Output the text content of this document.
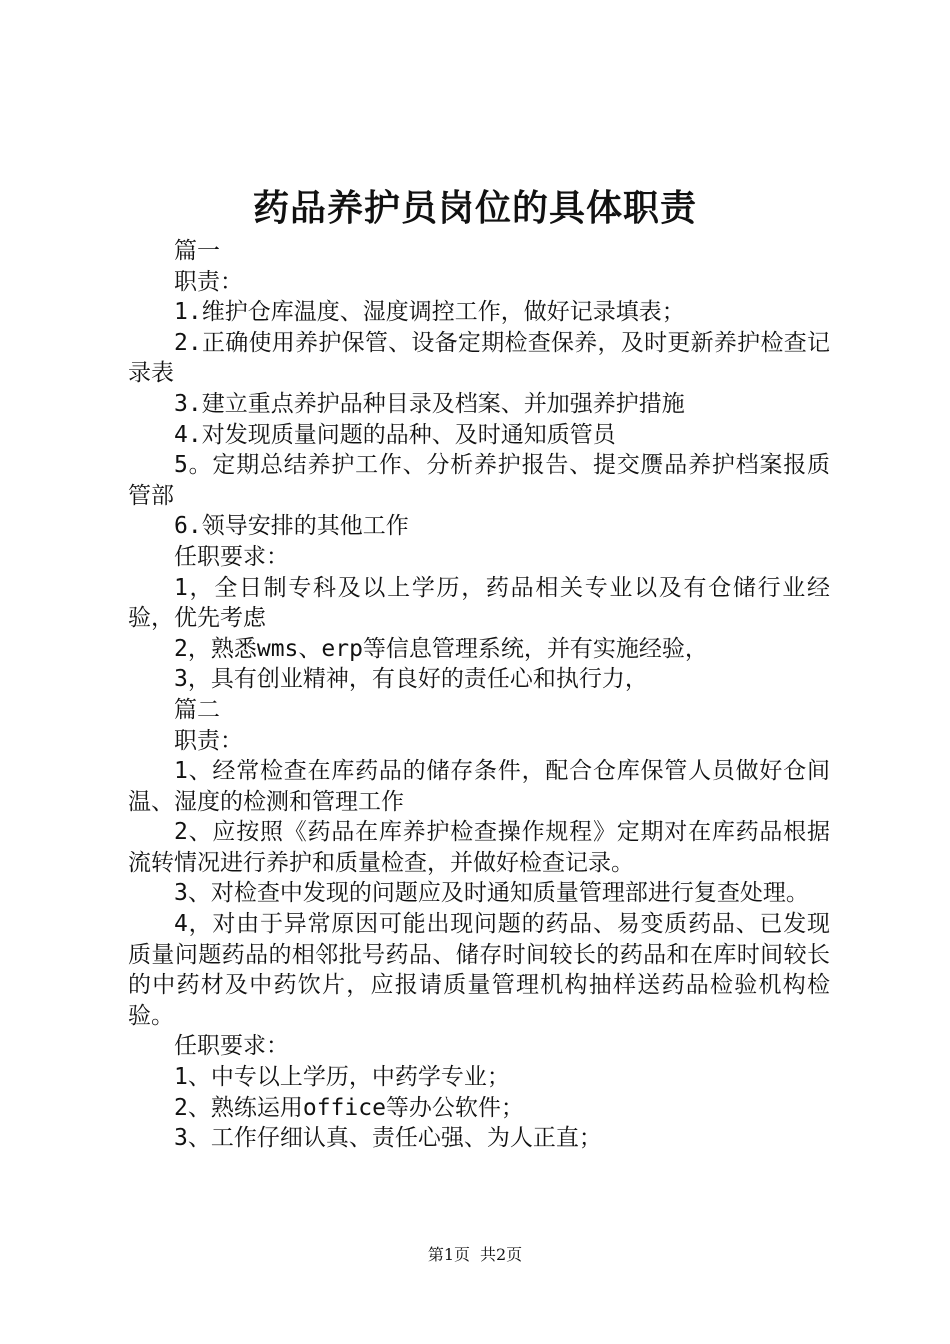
药品养护员岗位的具体职责

篇一

职责：

1.维护仓库温度、湿度调控工作，做好记录填表；

2.正确使用养护保管、设备定期检查保养，及时更新养护检查记录表

3.建立重点养护品种目录及档案、并加强养护措施

4.对发现质量问题的品种、及时通知质管员

5。定期总结养护工作、分析养护报告、提交赝品养护档案报质管部

6.领导安排的其他工作

任职要求：

1，全日制专科及以上学历，药品相关专业以及有仓储行业经验，优先考虑

2，熟悉wms、erp等信息管理系统，并有实施经验，

3，具有创业精神，有良好的责任心和执行力，

篇二

职责：

1、经常检查在库药品的储存条件，配合仓库保管人员做好仓间温、湿度的检测和管理工作

2、应按照《药品在库养护检查操作规程》定期对在库药品根据流转情况进行养护和质量检查，并做好检查记录。

3、对检查中发现的问题应及时通知质量管理部进行复查处理。

4，对由于异常原因可能出现问题的药品、易变质药品、已发现质量问题药品的相邻批号药品、储存时间较长的药品和在库时间较长的中药材及中药饮片，应报请质量管理机构抽样送药品检验机构检验。

任职要求：

1、中专以上学历，中药学专业；

2、熟练运用office等办公软件；

3、工作仔细认真、责任心强、为人正直；

第1页 共2页
